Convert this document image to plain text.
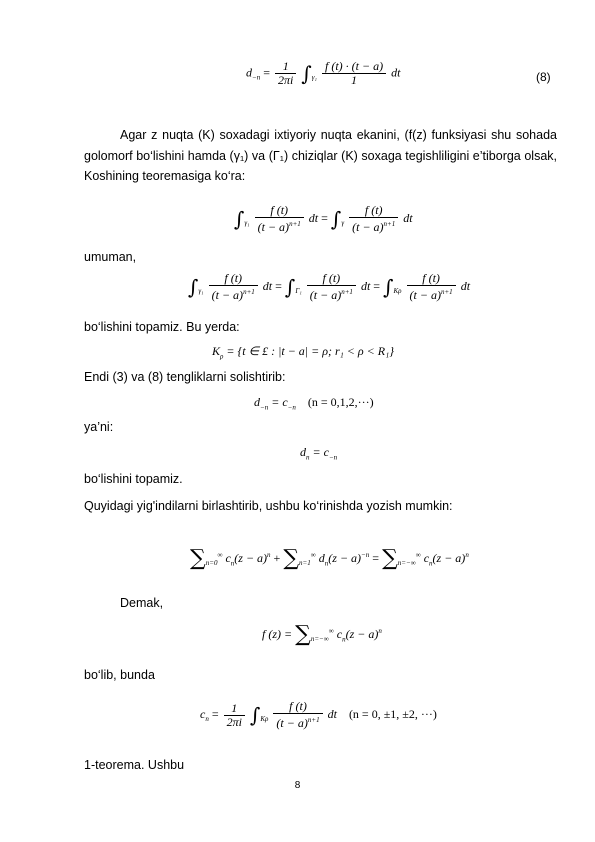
$d_{-n} = \frac{1}{2\pi i} \int_{\gamma_1} \frac{f (t) \cdot (t - a)}{1}$ dt	(8)
Agar z nuqta (K) soxadagi ixtiyoriy nuqta ekanini, (f(z) funksiyasi shu sohada golomorf bo‘lishini hamda (γ₁) va (Γ₁) chiziqlar (K) soxaga tegishliligini e’tiborga olsak, Koshining teoremasiga ko‘ra:
$\int_{\gamma_1} \frac{f (t)}{(t - a)^{n+1}}$ dt = $\int_\gamma \frac{f (t)}{(t - a)^{n+1}}$ dt
umuman,
$\int_{\gamma_1} \frac{f (t)}{(t - a)^{n+1}}$ dt = $\int_{\Gamma_1} \frac{f (t)}{(t - a)^{n+1}}$ dt = $\int_{K\rho} \frac{f (t)}{(t - a)^{n+1}}$ dt
bo‘lishini topamiz. Bu yerda:
$K_\rho = \{t$ ∈ £ : |t − a| = ρ; r₁ < ρ < R₁}
Endi (3) va (8) tengliklarni solishtirib:
$d_{-n} = c_{-n}$ (n = 0,1,2,···)
ya’ni:
$d_n = c_{-n}$
bo‘lishini topamiz.
Quyidagi yig'indilarni birlashtirib, ushbu ko‘rinishda yozish mumkin:
$\sum_{n=0}^\infty$ $c_n(z - a)^n + \sum_{n=1}^\infty$ $d_n(z - a)^{-n} = \sum_{n=-\infty}^\infty$ $c_n(z - a)^n$
Demak,
f $(z) = \sum_{n=-\infty}^\infty$ $c_n(z - a)^n$
bo‘lib, bunda
$c_n = \frac{1}{2\pi i} \int_{K\rho} \frac{f (t)}{(t - a)^{n+1}}$ dt (n = 0, ±1, ±2, ···)
1-teorema. Ushbu
8
